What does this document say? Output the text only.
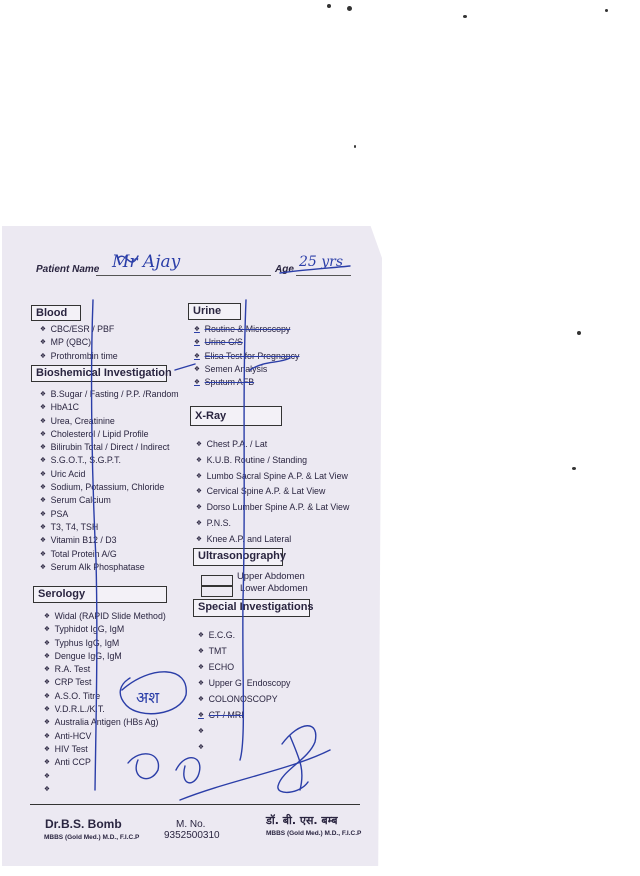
Patient Name Mr Ajay	Age 25 yrs
Blood
❖ CBC/ESR / PBF
❖ MP (QBC)
❖ Prothrombin time
Bioshemical Investigation
❖ B.Sugar / Fasting / P.P. /Random
❖ HbA1C
❖ Urea, Creatinine
❖ Cholesterol / Lipid Profile
❖ Bilirubin Total / Direct / Indirect
❖ S.G.O.T., S.G.P.T.
❖ Uric Acid
❖ Sodium, Potassium, Chloride
❖ Serum Calcium
❖ PSA
❖ T3, T4, TSH
❖ Vitamin B12 / D3
❖ Total Protein A/G
❖ Serum Alk Phosphatase
Serology
❖ Widal (RAPID Slide Method)
❖ Typhidot IgG, IgM
❖ Typhus IgG, IgM
❖ Dengue IgG, IgM
❖ R.A. Test
❖ CRP Test
❖ A.S.O. Titre
❖ V.D.R.L./K.T.
❖ Australia Antigen (HBs Ag)
❖ Anti-HCV
❖ HIV Test
❖ Anti CCP
❖
❖
Urine
❖ Routine & Microscopy
❖ Urine C/S
❖ Elisa Test for Pregnancy
❖ Semen Analysis
❖ Sputum AFB
X-Ray
❖ Chest P.A. / Lat
❖ K.U.B. Routine / Standing
❖ Lumbo Sacral Spine A.P. & Lat View
❖ Cervical Spine A.P. & Lat View
❖ Dorso Lumber Spine A.P. & Lat View
❖ P.N.S.
❖ Knee A.P. and Lateral
Ultrasonography
Upper Abdomen
Lower Abdomen
Special Investigations
❖ E.C.G.
❖ TMT
❖ ECHO
❖ Upper GI Endoscopy
❖ COLONOSCOPY
❖ CT / MRI
❖
❖
Dr.B.S. Bomb
MBBS (Gold Med.) M.D., F.I.C.P
M. No.
9352500310
डॉ. बी. एस. बम्ब
MBBS (Gold Med.) M.D., F.I.C.P
अश
